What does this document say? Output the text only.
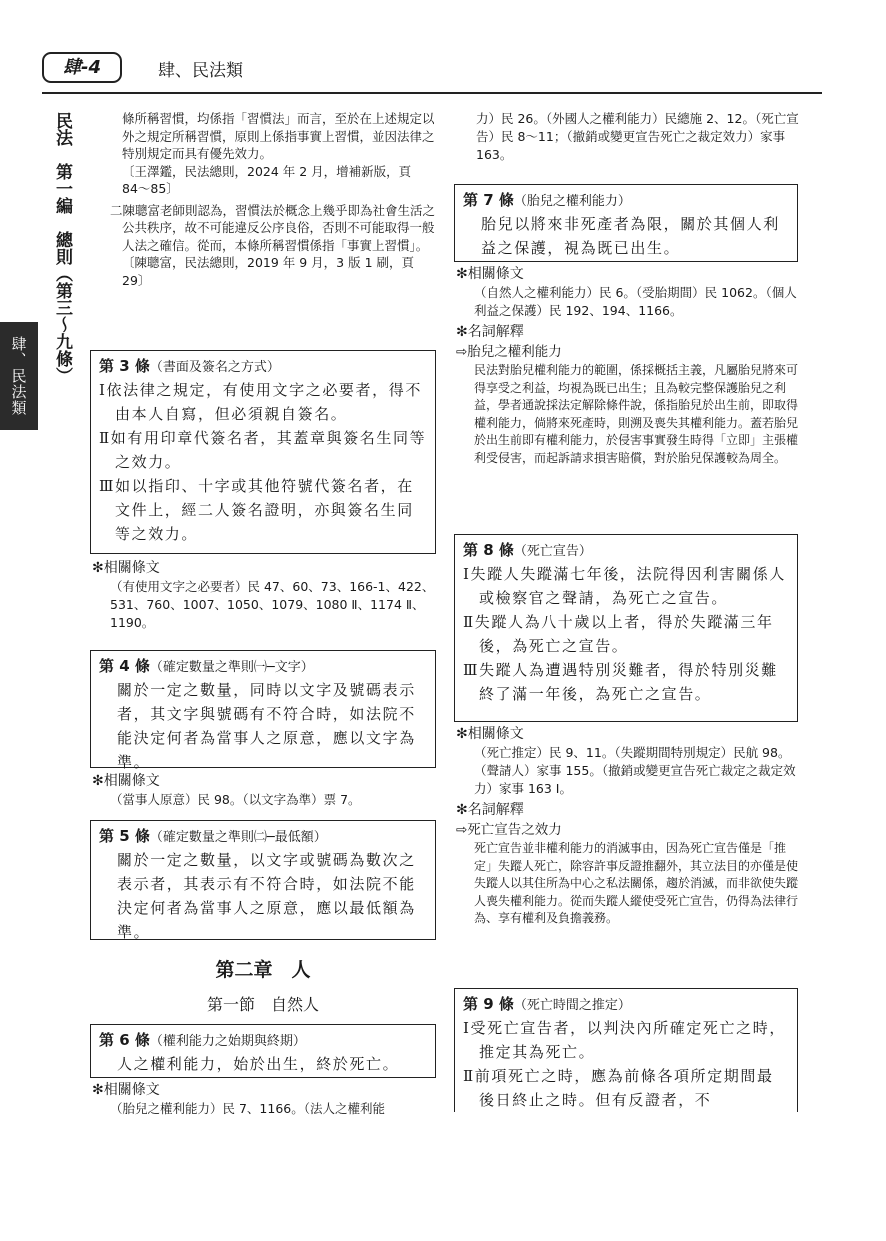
肆-4	肆、民法類
民法　第一編　總則（第三〜九條）
肆、民法類

條所稱習慣，均係指「習慣法」而言，至於在上述規定以外之規定所稱習慣，原則上係指事實上習慣，並因法律之特別規定而具有優先效力。

〔王澤鑑，民法總則，2024 年 2 月，增補新版，頁 84〜85〕

二陳聰富老師則認為，習慣法於概念上幾乎即為社會生活之公共秩序，故不可能違反公序良俗，否則不可能取得一般人法之確信。從而，本條所稱習慣係指「事實上習慣」。

〔陳聰富，民法總則，2019 年 9 月，3 版 1 刷，頁 29〕

第 3 條（書面及簽名之方式）

Ⅰ依法律之規定，有使用文字之必要者，得不由本人自寫，但必須親自簽名。

Ⅱ如有用印章代簽名者，其蓋章與簽名生同等之效力。

Ⅲ如以指印、十字或其他符號代簽名者，在文件上，經二人簽名證明，亦與簽名生同等之效力。

✻相關條文
（有使用文字之必要者）民 47、60、73、166-1、422、531、760、1007、1050、1079、1080 Ⅱ、1174 Ⅱ、1190。
第 4 條（確定數量之準則㈠─文字）

關於一定之數量，同時以文字及號碼表示者，其文字與號碼有不符合時，如法院不能決定何者為當事人之原意，應以文字為準。

✻相關條文
（當事人原意）民 98。（以文字為準）票 7。
第 5 條（確定數量之準則㈡─最低額）

關於一定之數量，以文字或號碼為數次之表示者，其表示有不符合時，如法院不能決定何者為當事人之原意，應以最低額為準。

第二章　人
第一節　自然人
第 6 條（權利能力之始期與終期）

人之權利能力，始於出生，終於死亡。

✻相關條文
（胎兒之權利能力）民 7、1166。（法人之權利能
力）民 26。（外國人之權利能力）民總施 2、12。（死亡宣告）民 8〜11；（撤銷或變更宣告死亡之裁定效力）家事 163。
第 7 條（胎兒之權利能力）

胎兒以將來非死產者為限，關於其個人利益之保護，視為既已出生。

✻相關條文
（自然人之權利能力）民 6。（受胎期間）民 1062。（個人利益之保護）民 192、194、1166。
✻名詞解釋
⇨胎兒之權利能力
民法對胎兒權利能力的範圍，係採概括主義，凡屬胎兒將來可得享受之利益，均視為既已出生；且為較完整保護胎兒之利益，學者通說採法定解除條件說，係指胎兒於出生前，即取得權利能力，倘將來死產時，則溯及喪失其權利能力。蓋若胎兒於出生前即有權利能力，於侵害事實發生時得「立即」主張權利受侵害，而起訴請求損害賠償，對於胎兒保護較為周全。
第 8 條（死亡宣告）

Ⅰ失蹤人失蹤滿七年後，法院得因利害關係人或檢察官之聲請，為死亡之宣告。

Ⅱ失蹤人為八十歲以上者，得於失蹤滿三年後，為死亡之宣告。

Ⅲ失蹤人為遭遇特別災難者，得於特別災難終了滿一年後，為死亡之宣告。

✻相關條文
（死亡推定）民 9、11。（失蹤期間特別規定）民航 98。（聲請人）家事 155。（撤銷或變更宣告死亡裁定之裁定效力）家事 163 Ⅰ。
✻名詞解釋
⇨死亡宣告之效力
死亡宣告並非權利能力的消滅事由，因為死亡宣告僅是「推定」失蹤人死亡，除容許事反證推翻外，其立法目的亦僅是使失蹤人以其住所為中心之私法關係，趨於消滅，而非欲使失蹤人喪失權利能力。從而失蹤人縱使受死亡宣告，仍得為法律行為、享有權利及負擔義務。
第 9 條（死亡時間之推定）

Ⅰ受死亡宣告者，以判決內所確定死亡之時，推定其為死亡。

Ⅱ前項死亡之時，應為前條各項所定期間最後日終止之時。但有反證者，不
